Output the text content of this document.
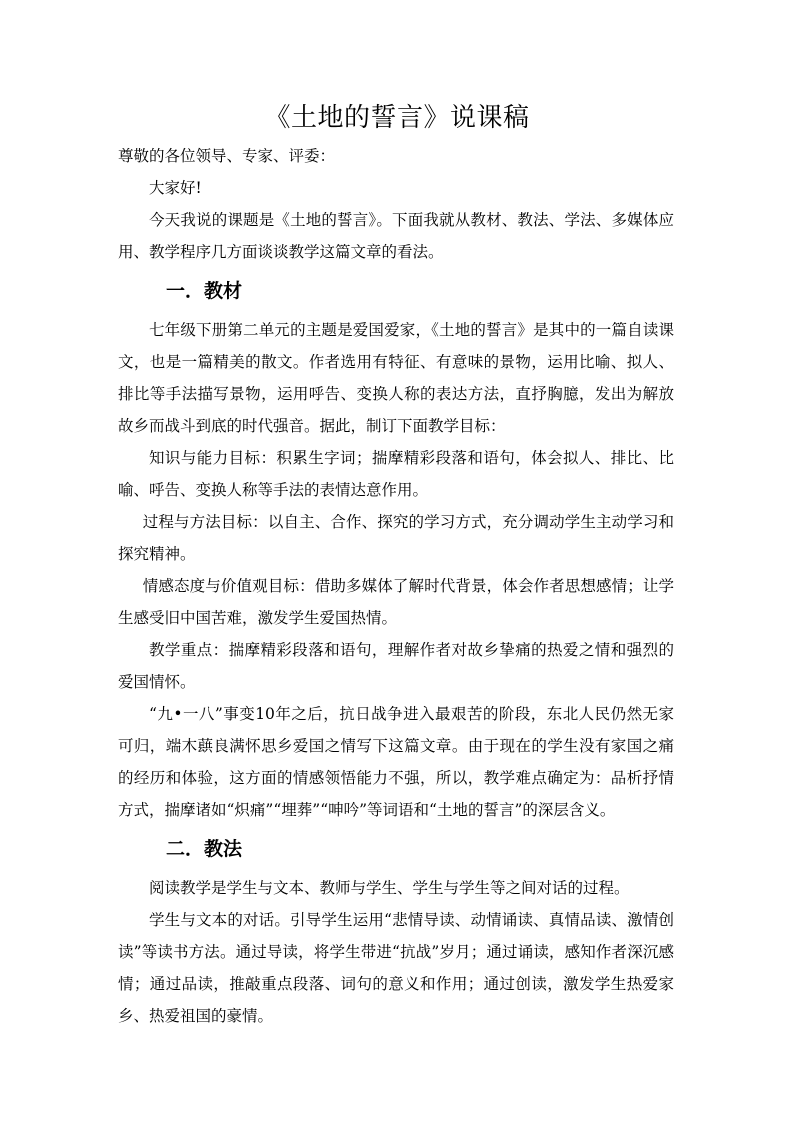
《土地的誓言》说课稿

尊敬的各位领导、专家、评委：

大家好!

今天我说的课题是《土地的誓言》。下面我就从教材、教法、学法、多媒体应用、教学程序几方面谈谈教学这篇文章的看法。

一．教材

七年级下册第二单元的主题是爱国爱家，《土地的誓言》是其中的一篇自读课文，也是一篇精美的散文。作者选用有特征、有意味的景物，运用比喻、拟人、排比等手法描写景物，运用呼告、变换人称的表达方法，直抒胸臆，发出为解放故乡而战斗到底的时代强音。据此，制订下面教学目标：

知识与能力目标：积累生字词；揣摩精彩段落和语句，体会拟人、排比、比喻、呼告、变换人称等手法的表情达意作用。

过程与方法目标：以自主、合作、探究的学习方式，充分调动学生主动学习和探究精神。

情感态度与价值观目标：借助多媒体了解时代背景，体会作者思想感情；让学生感受旧中国苦难，激发学生爱国热情。

教学重点：揣摩精彩段落和语句，理解作者对故乡挚痛的热爱之情和强烈的爱国情怀。

“九•一八”事变10年之后，抗日战争进入最艰苦的阶段，东北人民仍然无家可归，端木蕻良满怀思乡爱国之情写下这篇文章。由于现在的学生没有家国之痛的经历和体验，这方面的情感领悟能力不强，所以，教学难点确定为：品析抒情方式，揣摩诸如“炽痛”“埋葬”“呻吟”等词语和“土地的誓言”的深层含义。

二．教法

阅读教学是学生与文本、教师与学生、学生与学生等之间对话的过程。

学生与文本的对话。引导学生运用“悲情导读、动情诵读、真情品读、激情创读”等读书方法。通过导读，将学生带进“抗战”岁月；通过诵读，感知作者深沉感情；通过品读，推敲重点段落、词句的意义和作用；通过创读，激发学生热爱家乡、热爱祖国的豪情。
